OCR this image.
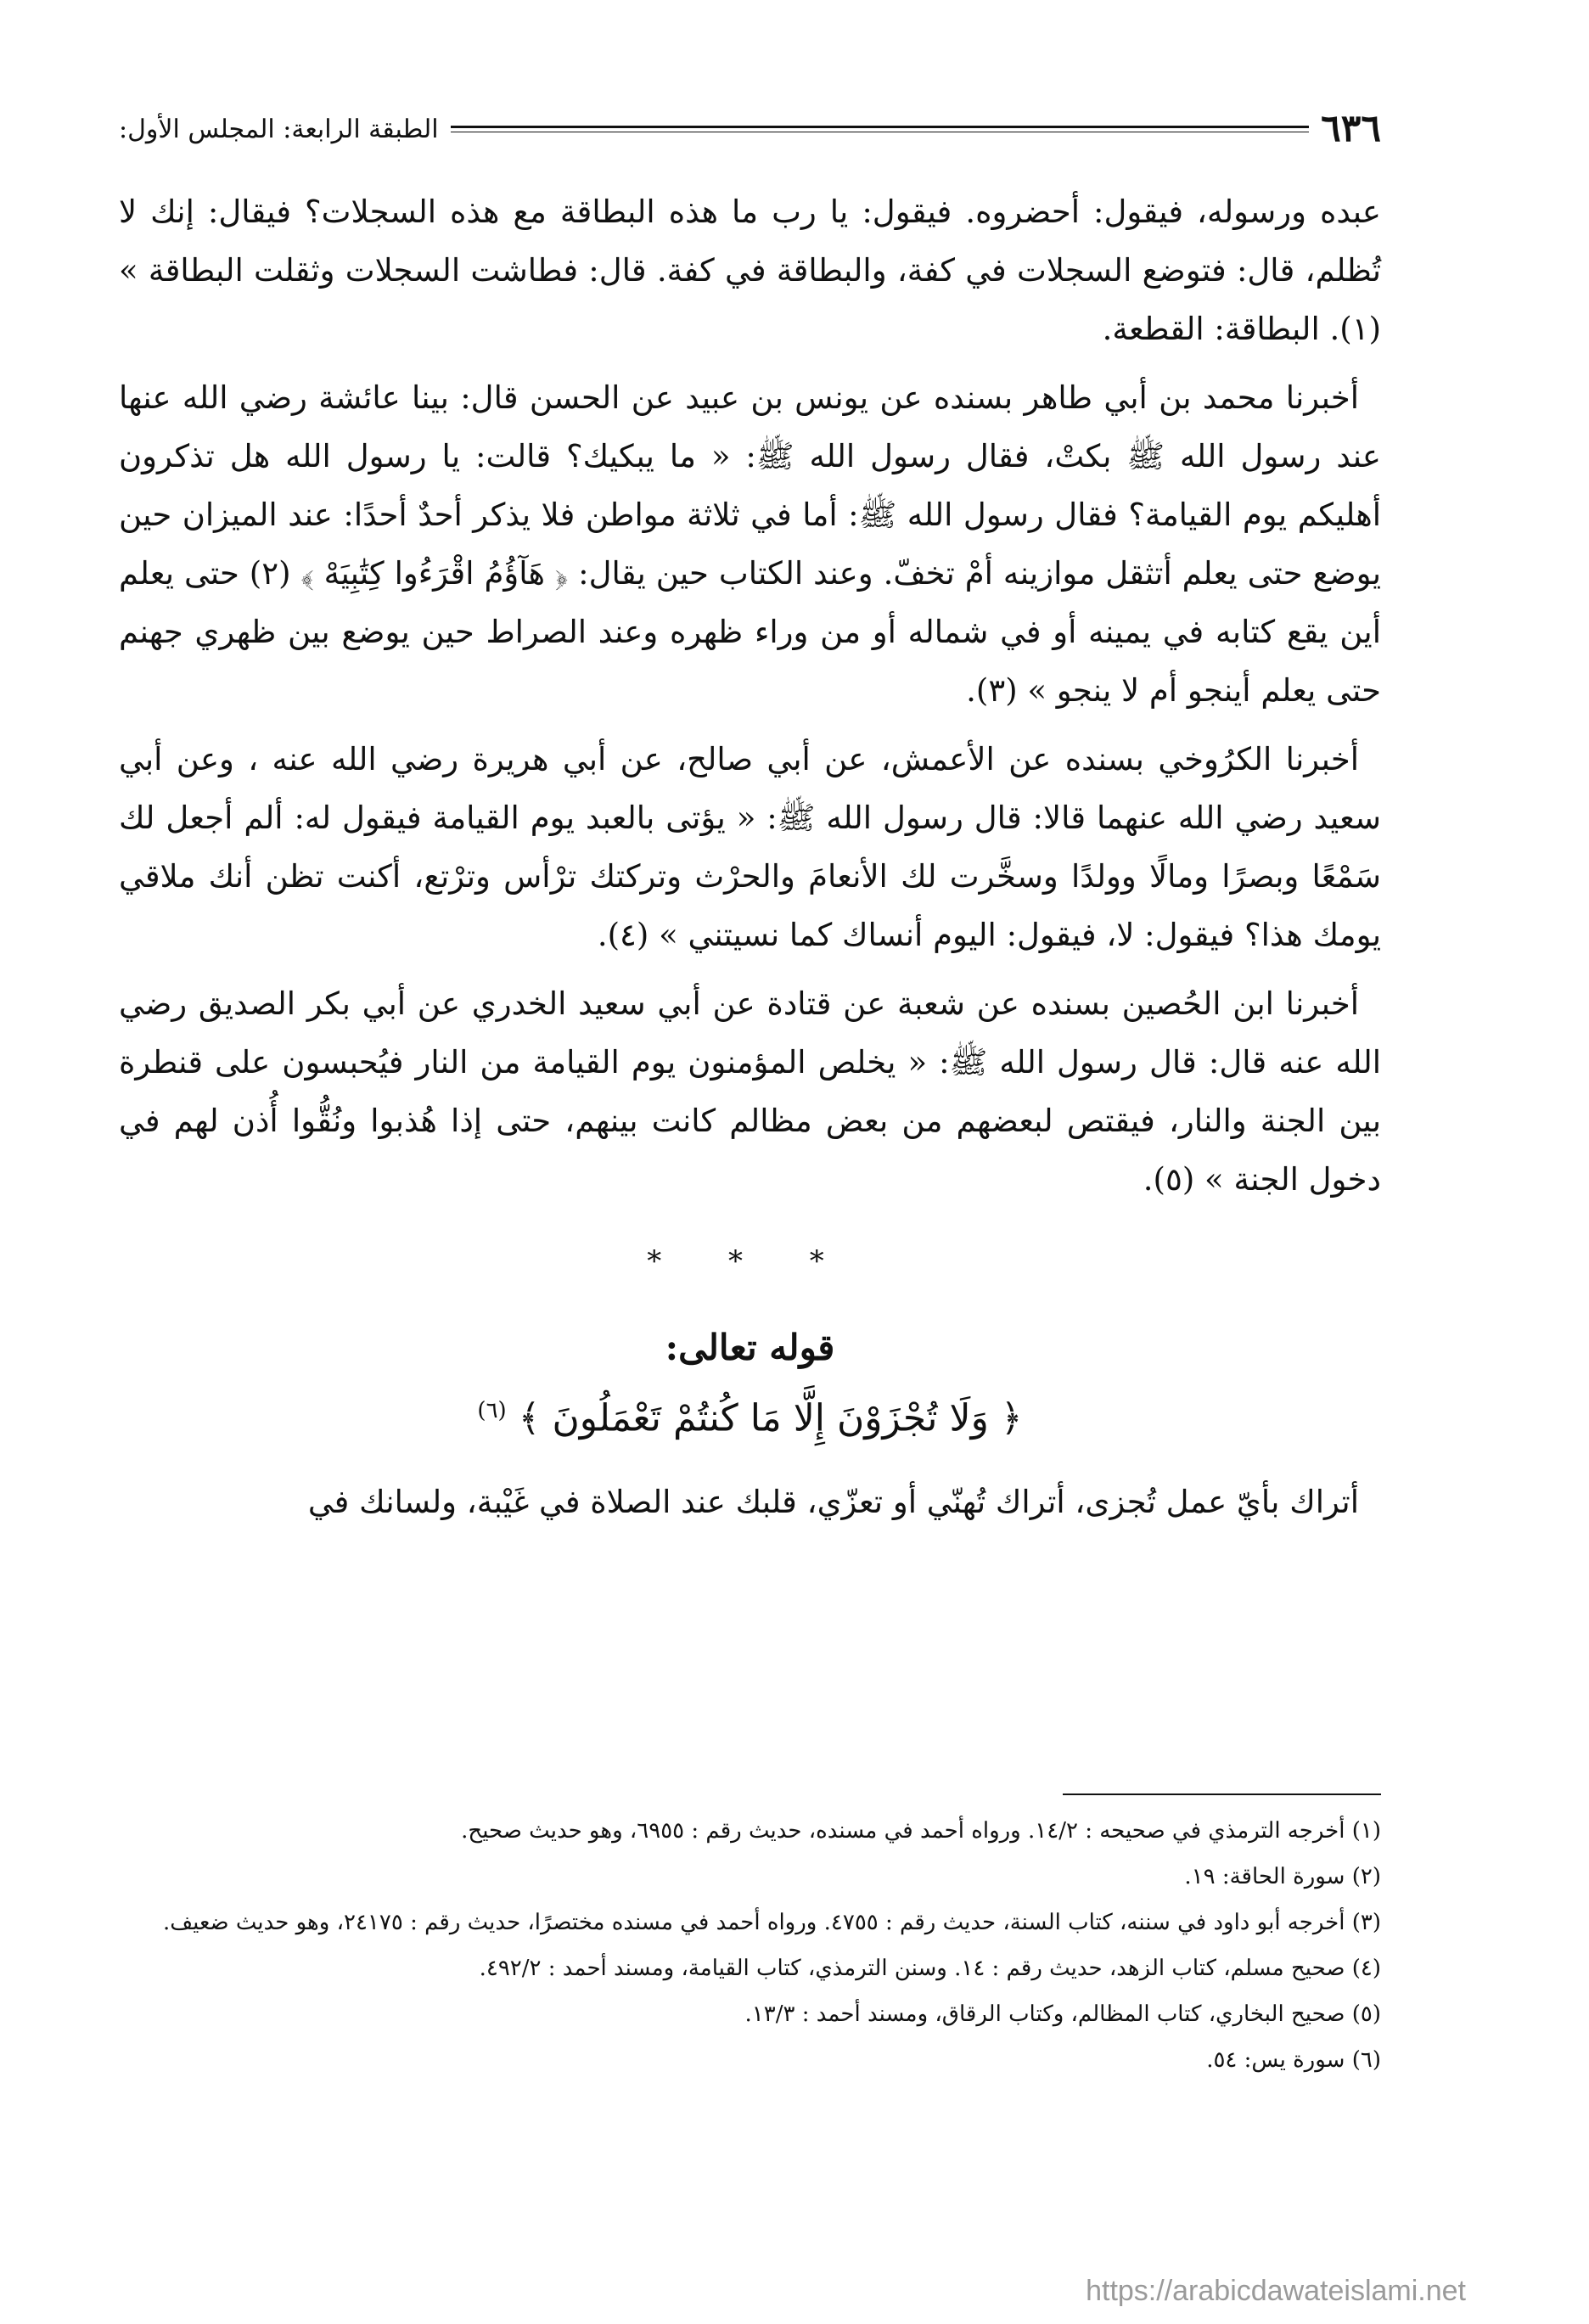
٦٣٦
الطبقة الرابعة: المجلس الأول:

عبده ورسوله، فيقول: أحضروه. فيقول: يا رب ما هذه البطاقة مع هذه السجلات؟ فيقال: إنك لا تُظلم، قال: فتوضع السجلات في كفة، والبطاقة في كفة. قال: فطاشت السجلات وثقلت البطاقة » (١). البطاقة: القطعة.

أخبرنا محمد بن أبي طاهر بسنده عن يونس بن عبيد عن الحسن قال: بينا عائشة رضي الله عنها عند رسول الله ﷺ بكتْ، فقال رسول الله ﷺ: « ما يبكيك؟ قالت: يا رسول الله هل تذكرون أهليكم يوم القيامة؟ فقال رسول الله ﷺ: أما في ثلاثة مواطن فلا يذكر أحدٌ أحدًا: عند الميزان حين يوضع حتى يعلم أتثقل موازينه أمْ تخفّ. وعند الكتاب حين يقال: ﴿ هَآؤُمُ اقْرَءُوا كِتَٰبِيَهْ ﴾ (٢) حتى يعلم أين يقع كتابه في يمينه أو في شماله أو من وراء ظهره وعند الصراط حين يوضع بين ظهري جهنم حتى يعلم أينجو أم لا ينجو » (٣).

أخبرنا الكرُوخي بسنده عن الأعمش، عن أبي صالح، عن أبي هريرة رضي الله عنه ، وعن أبي سعيد رضي الله عنهما قالا: قال رسول الله ﷺ: « يؤتى بالعبد يوم القيامة فيقول له: ألم أجعل لك سَمْعًا وبصرًا ومالًا وولدًا وسخَّرت لك الأنعامَ والحرْث وتركتك ترْأس وترْتع، أكنت تظن أنك ملاقي يومك هذا؟ فيقول: لا، فيقول: اليوم أنساك كما نسيتني » (٤).

أخبرنا ابن الحُصين بسنده عن شعبة عن قتادة عن أبي سعيد الخدري عن أبي بكر الصديق رضي الله عنه قال: قال رسول الله ﷺ: « يخلص المؤمنون يوم القيامة من النار فيُحبسون على قنطرة بين الجنة والنار، فيقتص لبعضهم من بعض مظالم كانت بينهم، حتى إذا هُذبوا ونُقُّوا أُذن لهم في دخول الجنة » (٥).

* * *
قوله تعالى:
﴿ وَلَا تُجْزَوْنَ إِلَّا مَا كُنتُمْ تَعْمَلُونَ ﴾ $^{(٦)}$

أتراك بأيّ عمل تُجزى، أتراك تُهنّي أو تعزّي، قلبك عند الصلاة في غَيْبة، ولسانك في

(١) أخرجه الترمذي في صحيحه : ١٤/٢. ورواه أحمد في مسنده، حديث رقم : ٦٩٥٥، وهو حديث صحيح.

(٢) سورة الحاقة: ١٩.

(٣) أخرجه أبو داود في سننه، كتاب السنة، حديث رقم : ٤٧٥٥. ورواه أحمد في مسنده مختصرًا، حديث رقم : ٢٤١٧٥، وهو حديث ضعيف.

(٤) صحيح مسلم، كتاب الزهد، حديث رقم : ١٤. وسنن الترمذي، كتاب القيامة، ومسند أحمد : ٤٩٢/٢.

(٥) صحيح البخاري، كتاب المظالم، وكتاب الرقاق، ومسند أحمد : ١٣/٣.

(٦) سورة يس: ٥٤.

https://arabicdawateislami.net
